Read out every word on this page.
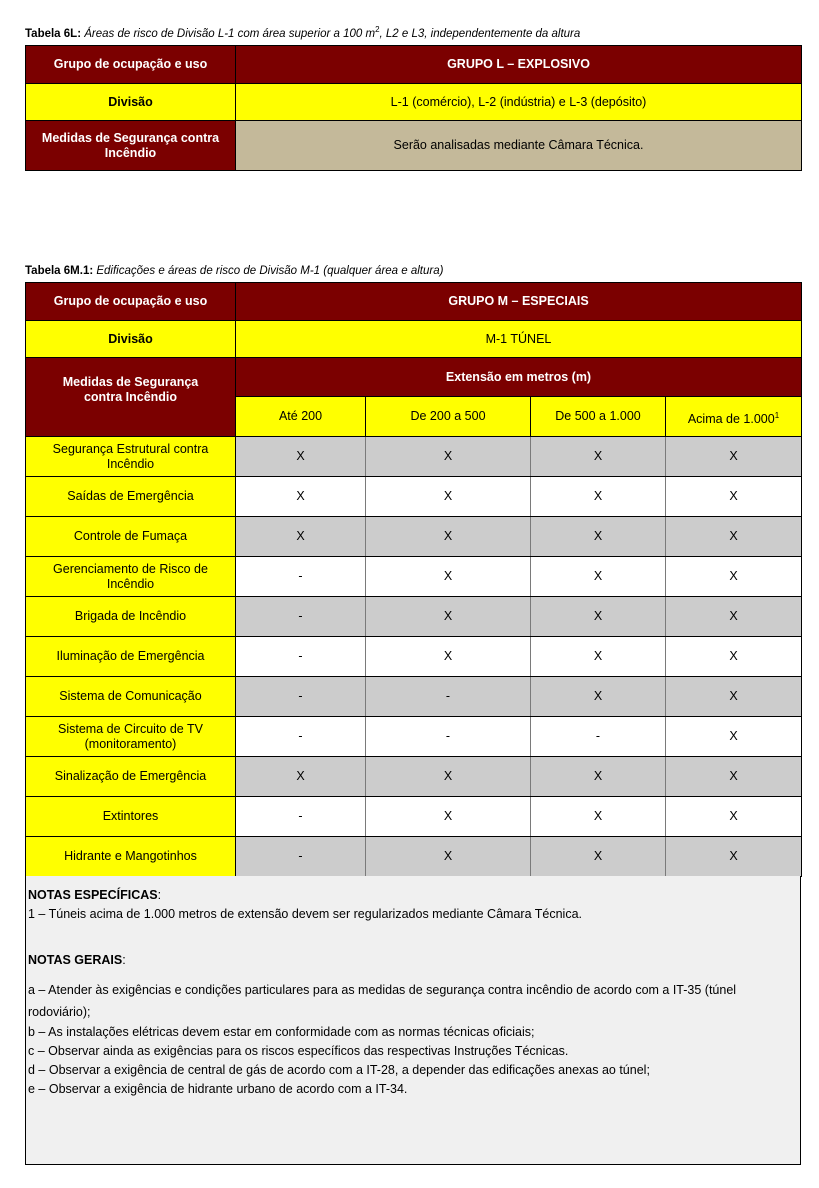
Tabela 6L: Áreas de risco de Divisão L-1 com área superior a 100 $m^2$, L2 e L3, independentemente da altura
Grupo de ocupação e uso	GRUPO L – EXPLOSIVO
Divisão	L-1 (comércio), L-2 (indústria) e L-3 (depósito)
Medidas de Segurança contra Incêndio	Serão analisadas mediante Câmara Técnica.
Tabela 6M.1: Edificações e áreas de risco de Divisão M-1 (qualquer área e altura)
Grupo de ocupação e uso	GRUPO M – ESPECIAIS			
Divisão	M-1 TÚNEL			
Medidas de Segurança contra Incêndio	Extensão em metros (m)			
	Até 200	De 200 a 500	De 500 a 1.000	Acima de 1.000$^1$
Segurança Estrutural contra Incêndio	X	X	X	X
Saídas de Emergência	X	X	X	X
Controle de Fumaça	X	X	X	X
Gerenciamento de Risco de Incêndio	-	X	X	X
Brigada de Incêndio	-	X	X	X
Iluminação de Emergência	-	X	X	X
Sistema de Comunicação	-	-	X	X
Sistema de Circuito de TV (monitoramento)	-	-	-	X
Sinalização de Emergência	X	X	X	X
Extintores	-	X	X	X
Hidrante e Mangotinhos	-	X	X	X

NOTAS ESPECÍFICAS:

1 – Túneis acima de 1.000 metros de extensão devem ser regularizados mediante Câmara Técnica.

NOTAS GERAIS:

a – Atender às exigências e condições particulares para as medidas de segurança contra incêndio de acordo com a IT-35 (túnel rodoviário);

b – As instalações elétricas devem estar em conformidade com as normas técnicas oficiais;

c – Observar ainda as exigências para os riscos específicos das respectivas Instruções Técnicas.

d – Observar a exigência de central de gás de acordo com a IT-28, a depender das edificações anexas ao túnel;

e – Observar a exigência de hidrante urbano de acordo com a IT-34.
